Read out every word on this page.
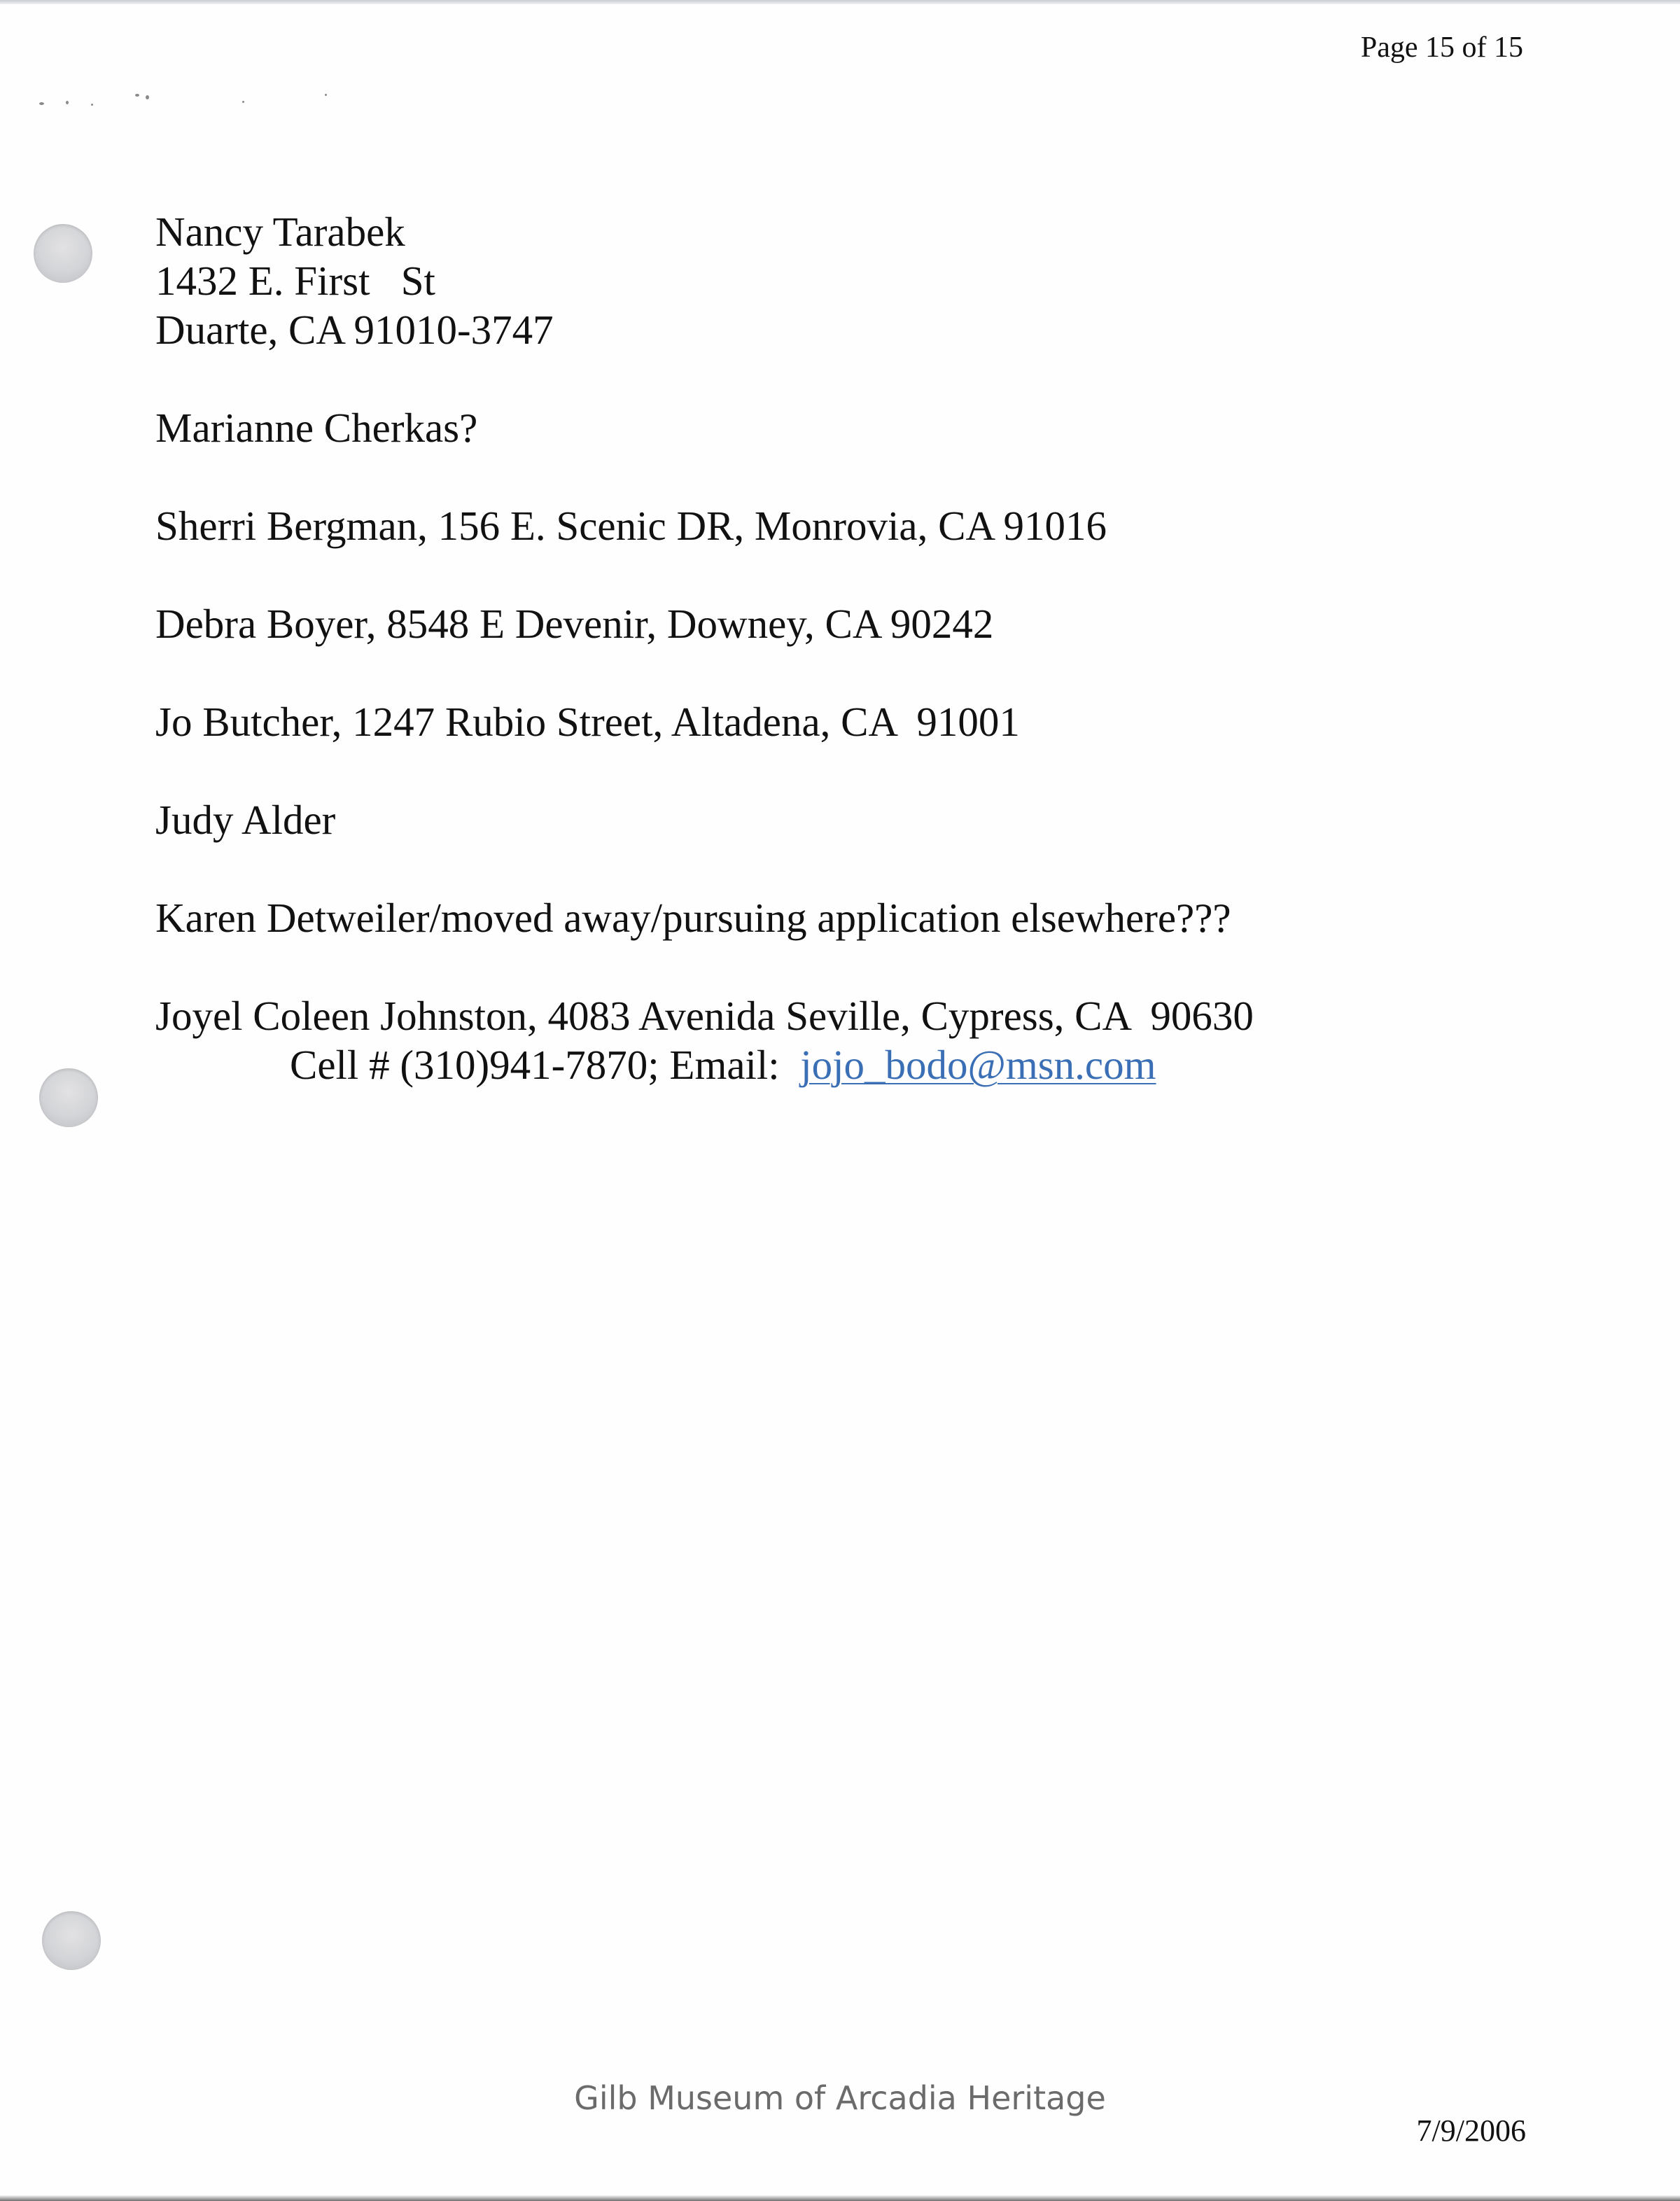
Page 15 of 15
Nancy Tarabek
1432 E. First   St
Duarte, CA 91010-3747
Marianne Cherkas?
Sherri Bergman, 156 E. Scenic DR, Monrovia, CA 91016
Debra Boyer, 8548 E Devenir, Downey, CA 90242
Jo Butcher, 1247 Rubio Street, Altadena, CA  91001
Judy Alder
Karen Detweiler/moved away/pursuing application elsewhere???
Joyel Coleen Johnston, 4083 Avenida Seville, Cypress, CA  90630
Cell # (310)941-7870; Email:  jojo_bodo@msn.com
Gilb Museum of Arcadia Heritage
7/9/2006
